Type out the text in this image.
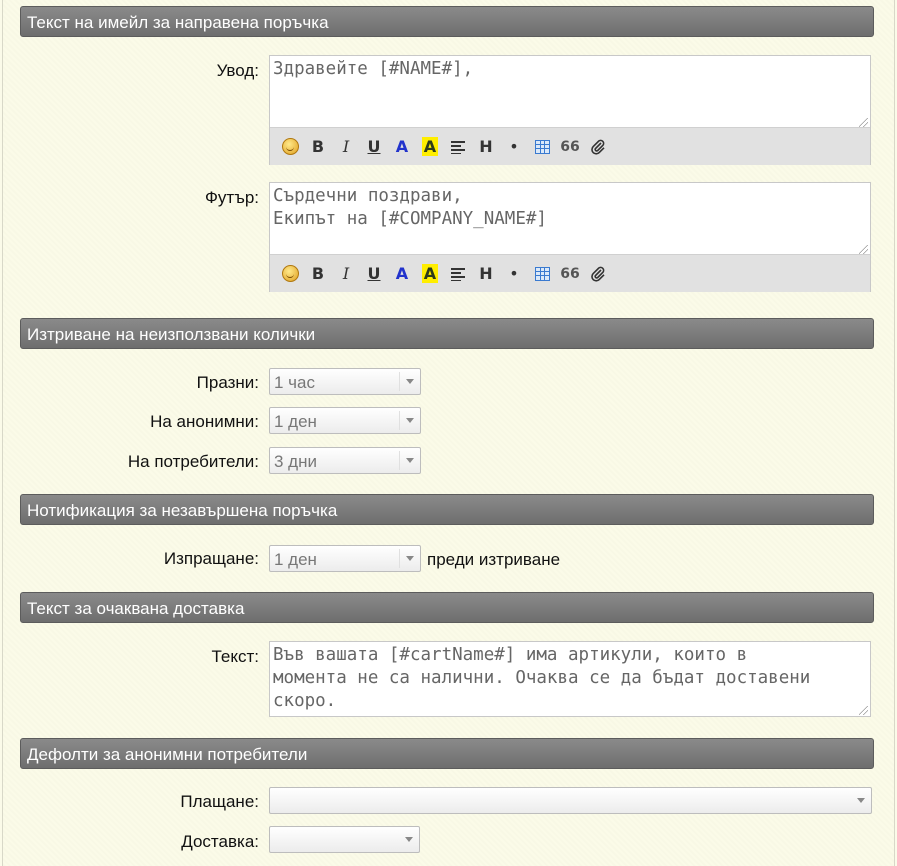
Текст на имейл за направена поръчка
Увод:
Здравейте [#NAME#],
B	I	U A A	H	•	66
Футър:
Сърдечни поздрави, Екипът на [#COMPANY_NAME#]
B	I	U A A	H	•	66
Изтриване на неизползвани колички
Празни: 1 час
На анонимни: 1 ден
На потребители: 3 дни
Нотификация за незавършена поръчка
Изпращане: 1 ден	преди изтриване
Текст за очаквана доставка
Текст:
Във вашата [#cartName#] има артикули, които в момента не са налични. Очаква се да бъдат доставени скоро.
Дефолти за анонимни потребители
Плащане:
Доставка:
